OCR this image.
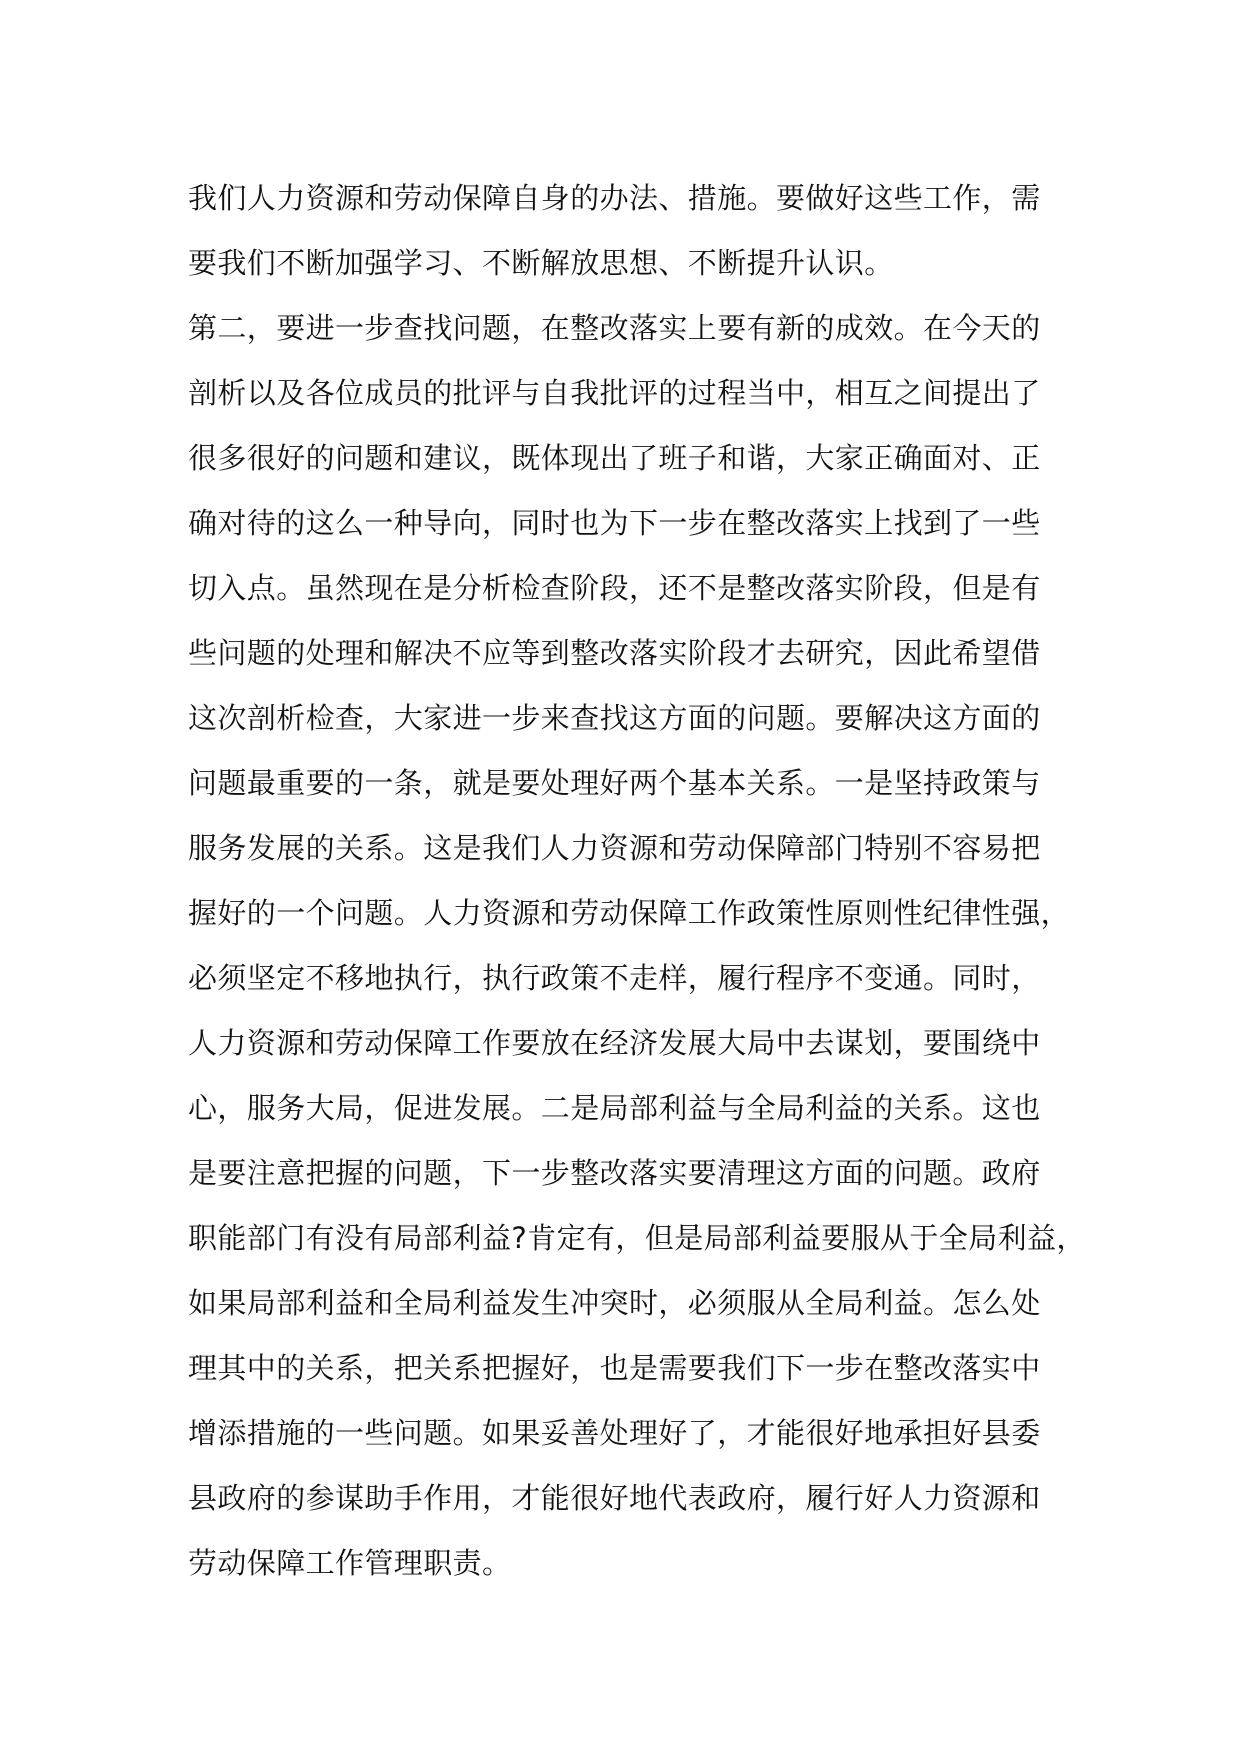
我们人力资源和劳动保障自身的办法、措施。要做好这些工作，需
要我们不断加强学习、不断解放思想、不断提升认识。
第二，要进一步查找问题，在整改落实上要有新的成效。在今天的
剖析以及各位成员的批评与自我批评的过程当中，相互之间提出了
很多很好的问题和建议，既体现出了班子和谐，大家正确面对、正
确对待的这么一种导向，同时也为下一步在整改落实上找到了一些
切入点。虽然现在是分析检查阶段，还不是整改落实阶段，但是有
些问题的处理和解决不应等到整改落实阶段才去研究，因此希望借
这次剖析检查，大家进一步来查找这方面的问题。要解决这方面的
问题最重要的一条，就是要处理好两个基本关系。一是坚持政策与
服务发展的关系。这是我们人力资源和劳动保障部门特别不容易把
握好的一个问题。人力资源和劳动保障工作政策性原则性纪律性强，
必须坚定不移地执行，执行政策不走样，履行程序不变通。同时，
人力资源和劳动保障工作要放在经济发展大局中去谋划，要围绕中
心，服务大局，促进发展。二是局部利益与全局利益的关系。这也
是要注意把握的问题，下一步整改落实要清理这方面的问题。政府
职能部门有没有局部利益?肯定有，但是局部利益要服从于全局利益，
如果局部利益和全局利益发生冲突时，必须服从全局利益。怎么处
理其中的关系，把关系把握好，也是需要我们下一步在整改落实中
增添措施的一些问题。如果妥善处理好了，才能很好地承担好县委
县政府的参谋助手作用，才能很好地代表政府，履行好人力资源和
劳动保障工作管理职责。
